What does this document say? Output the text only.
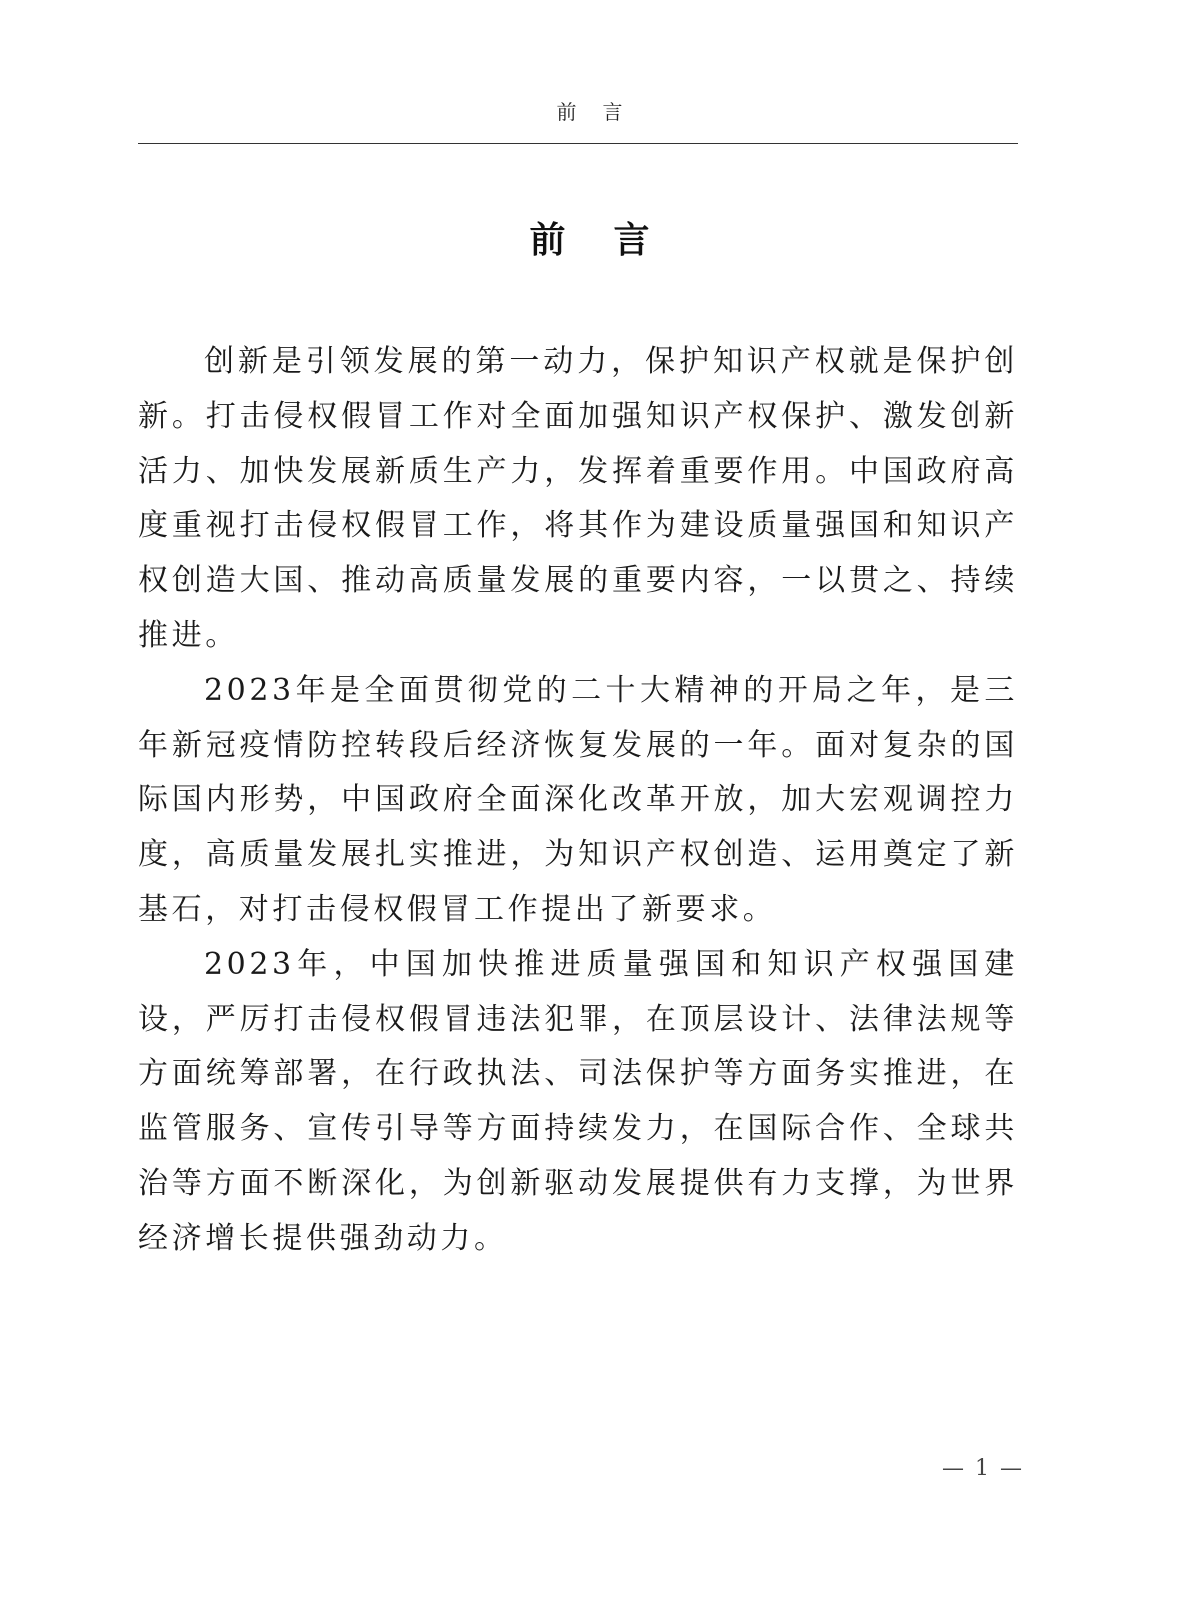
前言
前言

创新是引领发展的第一动力，保护知识产权就是保护创新。打击侵权假冒工作对全面加强知识产权保护、激发创新活力、加快发展新质生产力，发挥着重要作用。中国政府高度重视打击侵权假冒工作，将其作为建设质量强国和知识产权创造大国、推动高质量发展的重要内容，一以贯之、持续推进。

2023年是全面贯彻党的二十大精神的开局之年，是三年新冠疫情防控转段后经济恢复发展的一年。面对复杂的国际国内形势，中国政府全面深化改革开放，加大宏观调控力度，高质量发展扎实推进，为知识产权创造、运用奠定了新基石，对打击侵权假冒工作提出了新要求。

2023年，中国加快推进质量强国和知识产权强国建设，严厉打击侵权假冒违法犯罪，在顶层设计、法律法规等方面统筹部署，在行政执法、司法保护等方面务实推进，在监管服务、宣传引导等方面持续发力，在国际合作、全球共治等方面不断深化，为创新驱动发展提供有力支撑，为世界经济增长提供强劲动力。

— 1 —
